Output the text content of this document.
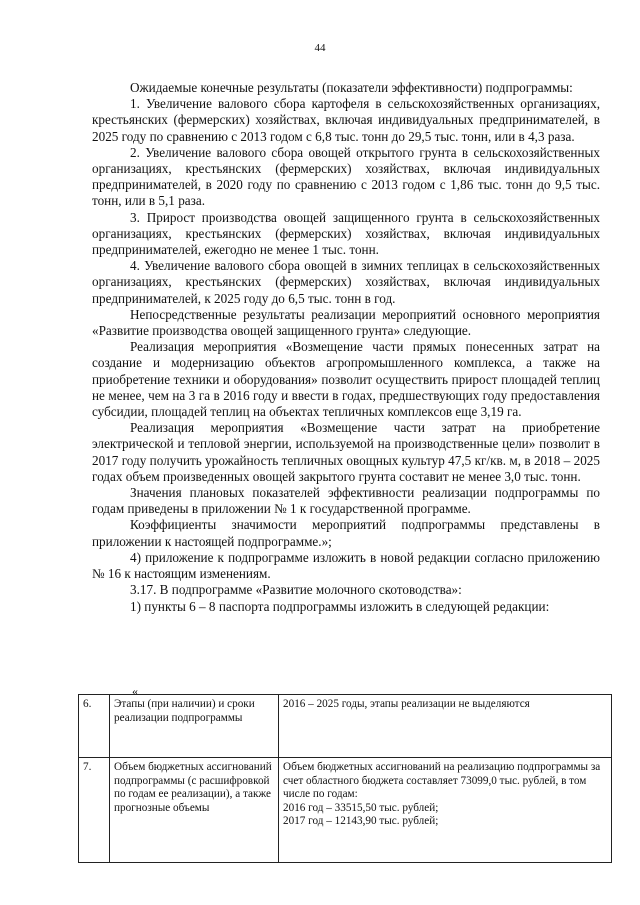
44

Ожидаемые конечные результаты (показатели эффективности) подпрограммы:

1. Увеличение валового сбора картофеля в сельскохозяйственных организациях, крестьянских (фермерских) хозяйствах, включая индивидуальных предпринимателей, в 2025 году по сравнению с 2013 годом с 6,8 тыс. тонн до 29,5 тыс. тонн, или в 4,3 раза.

2. Увеличение валового сбора овощей открытого грунта в сельскохозяйственных организациях, крестьянских (фермерских) хозяйствах, включая индивидуальных предпринимателей, в 2020 году по сравнению с 2013 годом с 1,86 тыс. тонн до 9,5 тыс. тонн, или в 5,1 раза.

3. Прирост производства овощей защищенного грунта в сельскохозяйственных организациях, крестьянских (фермерских) хозяйствах, включая индивидуальных предпринимателей, ежегодно не менее 1 тыс. тонн.

4. Увеличение валового сбора овощей в зимних теплицах в сельскохозяйственных организациях, крестьянских (фермерских) хозяйствах, включая индивидуальных предпринимателей, к 2025 году до 6,5 тыс. тонн в год.

Непосредственные результаты реализации мероприятий основного мероприятия «Развитие производства овощей защищенного грунта» следующие.

Реализация мероприятия «Возмещение части прямых понесенных затрат на создание и модернизацию объектов агропромышленного комплекса, а также на приобретение техники и оборудования» позволит осуществить прирост площадей теплиц не менее, чем на 3 га в 2016 году и ввести в годах, предшествующих году предоставления субсидии, площадей теплиц на объектах тепличных комплексов еще 3,19 га.

Реализация мероприятия «Возмещение части затрат на приобретение электрической и тепловой энергии, используемой на производственные цели» позволит в 2017 году получить урожайность тепличных овощных культур 47,5 кг/кв. м, в 2018 – 2025 годах объем произведенных овощей закрытого грунта составит не менее 3,0 тыс. тонн.

Значения плановых показателей эффективности реализации подпрограммы по годам приведены в приложении № 1 к государственной программе.

Коэффициенты значимости мероприятий подпрограммы представлены в приложении к настоящей подпрограмме.»;

4) приложение к подпрограмме изложить в новой редакции согласно приложению № 16 к настоящим изменениям.

3.17. В подпрограмме «Развитие молочного скотоводства»:

1) пункты 6 – 8 паспорта подпрограммы изложить в следующей редакции:

«
6.	Этапы (при наличии) и сроки реализации подпрограммы	2016 – 2025 годы, этапы реализации не выделяются
7.	Объем бюджетных ассигнований подпрограммы (с расшифровкой по годам ее реализации), а также прогнозные объемы	Объем бюджетных ассигнований на реализацию подпрограммы за счет областного бюджета составляет 73099,0 тыс. рублей, в том числе по годам:
2016 год – 33515,50 тыс. рублей;
2017 год – 12143,90 тыс. рублей;
